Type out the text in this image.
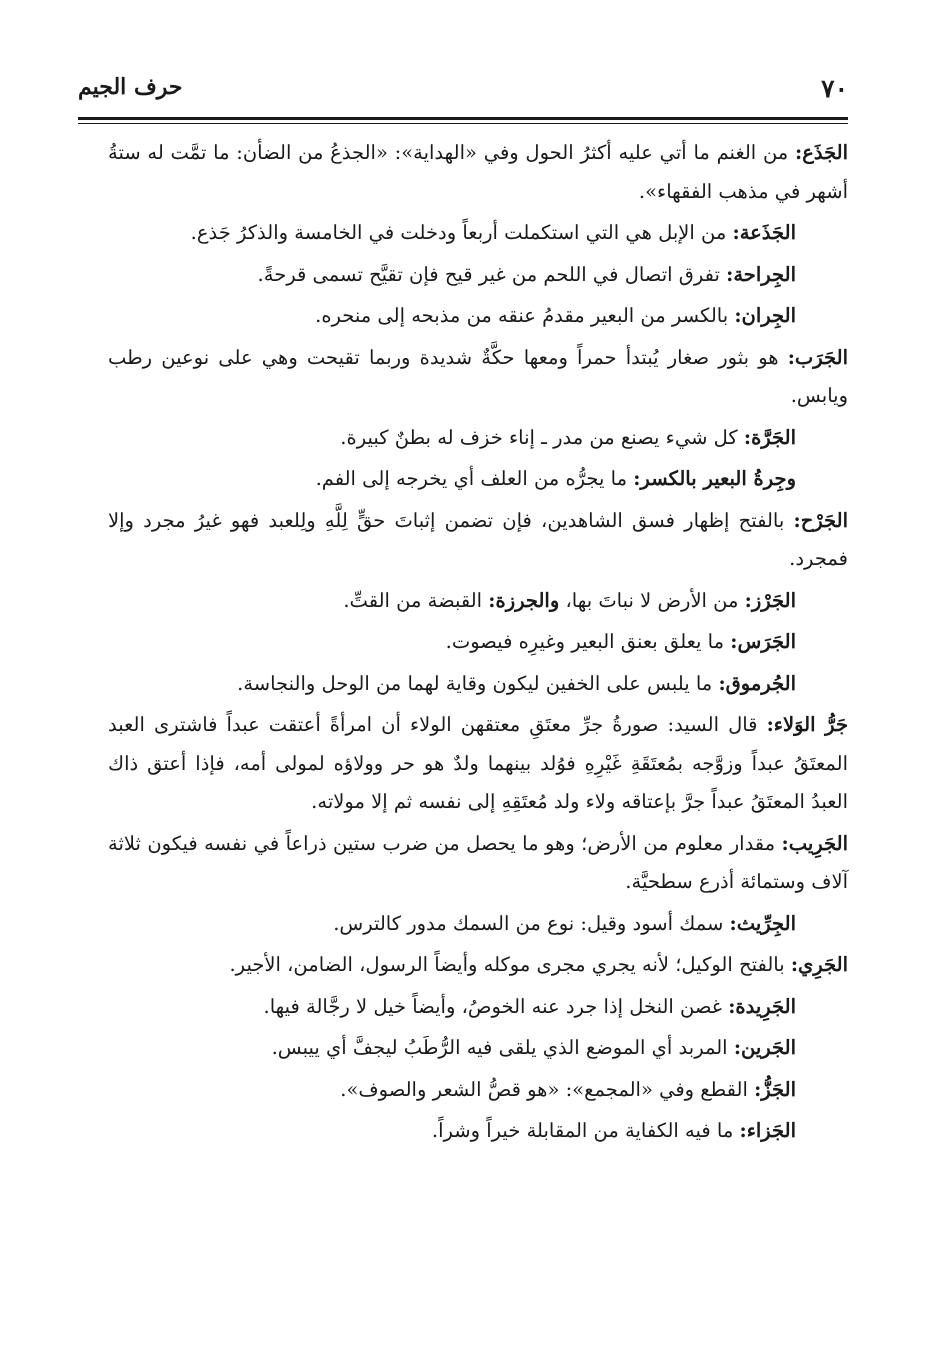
٧٠
حرف الجيم

الجَذَع: من الغنم ما أتي عليه أكثرُ الحول وفي «الهداية»: «الجذعُ من الضأن: ما تمَّت له ستةُ أشهر في مذهب الفقهاء».

الجَذَعة: من الإبل هي التي استكملت أربعاً ودخلت في الخامسة والذكرُ جَذع.

الجِراحة: تفرق اتصال في اللحم من غير قيح فإن تقيَّح تسمى قرحةً.

الجِران: بالكسر من البعير مقدمُ عنقه من مذبحه إلى منحره.

الجَرَب: هو بثور صغار يُبتدأ حمراً ومعها حكَّةٌ شديدة وربما تقيحت وهي على نوعين رطب ويابس.

الجَرَّة: كل شيء يصنع من مدر ـ إناء خزف له بطنٌ كبيرة.

وجِرةُ البعير بالكسر: ما يجرُّه من العلف أي يخرجه إلى الفم.

الجَرْح: بالفتح إظهار فسق الشاهدين، فإن تضمن إثباتَ حقٍّ لِلَّهِ ولِلعبد فهو غيرُ مجرد وإلا فمجرد.

الجَرْز: من الأرض لا نباتَ بها، والجرزة: القبضة من القتِّ.

الجَرَس: ما يعلق بعنق البعير وغيرِه فيصوت.

الجُرموق: ما يلبس على الخفين ليكون وقاية لهما من الوحل والنجاسة.

جَرُّ الوَلاء: قال السيد: صورةُ جرِّ معتَقِ معتقهن الولاء أن امرأةً أعتقت عبداً فاشترى العبد المعتَقُ عبداً وزوَّجه بمُعتَقَةِ غَيْرِهِ فوُلد بينهما ولدٌ هو حر وولاؤه لمولى أمه، فإذا أعتق ذاك العبدُ المعتَقُ عبداً جرَّ بإعتاقه ولاء ولد مُعتَقِهِ إلى نفسه ثم إلا مولاته.

الجَرِيب: مقدار معلوم من الأرض؛ وهو ما يحصل من ضرب ستين ذراعاً في نفسه فيكون ثلاثة آلاف وستمائة أذرع سطحيَّة.

الجِرِّيث: سمك أسود وقيل: نوع من السمك مدور كالترس.

الجَرِي: بالفتح الوكيل؛ لأنه يجري مجرى موكله وأيضاً الرسول، الضامن، الأجير.

الجَرِيدة: غصن النخل إذا جرد عنه الخوصُ، وأيضاً خيل لا رجَّالة فيها.

الجَرين: المربد أي الموضع الذي يلقى فيه الرُّطَبُ ليجفَّ أي ييبس.

الجَزُّ: القطع وفي «المجمع»: «هو قصُّ الشعر والصوف».

الجَزاء: ما فيه الكفاية من المقابلة خيراً وشراً.
